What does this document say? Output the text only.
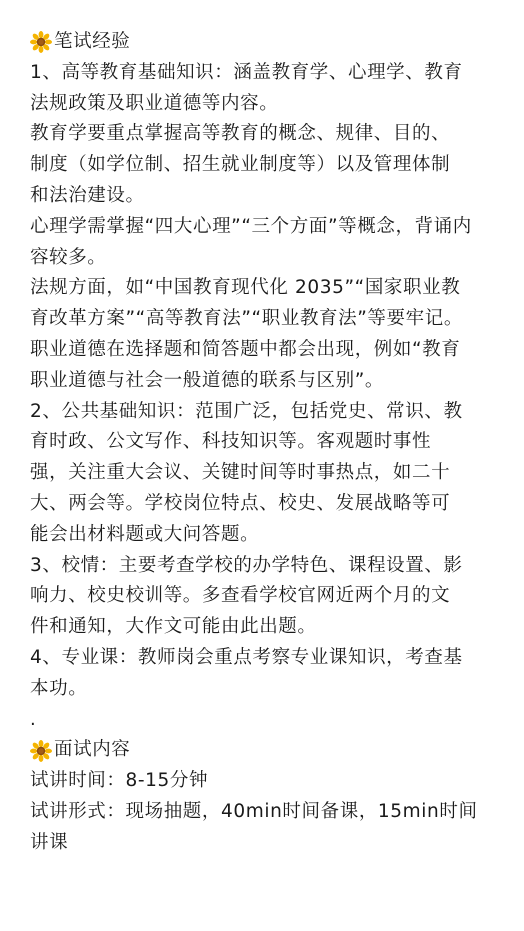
笔试经验
1、高等教育基础知识：涵盖教育学、心理学、教育
法规政策及职业道德等内容。
教育学要重点掌握高等教育的概念、规律、目的、
制度（如学位制、招生就业制度等）以及管理体制
和法治建设。
心理学需掌握“四大心理”“三个方面”等概念，背诵内
容较多。
法规方面，如“中国教育现代化 2035”“国家职业教
育改革方案”“高等教育法”“职业教育法”等要牢记。
职业道德在选择题和简答题中都会出现，例如“教育
职业道德与社会一般道德的联系与区别”。
2、公共基础知识：范围广泛，包括党史、常识、教
育时政、公文写作、科技知识等。客观题时事性
强，关注重大会议、关键时间等时事热点，如二十
大、两会等。学校岗位特点、校史、发展战略等可
能会出材料题或大问答题。
3、校情：主要考查学校的办学特色、课程设置、影
响力、校史校训等。多查看学校官网近两个月的文
件和通知，大作文可能由此出题。
4、专业课：教师岗会重点考察专业课知识，考查基
本功。
.
面试内容
试讲时间：8-15分钟
试讲形式：现场抽题，40min时间备课，15min时间
讲课
